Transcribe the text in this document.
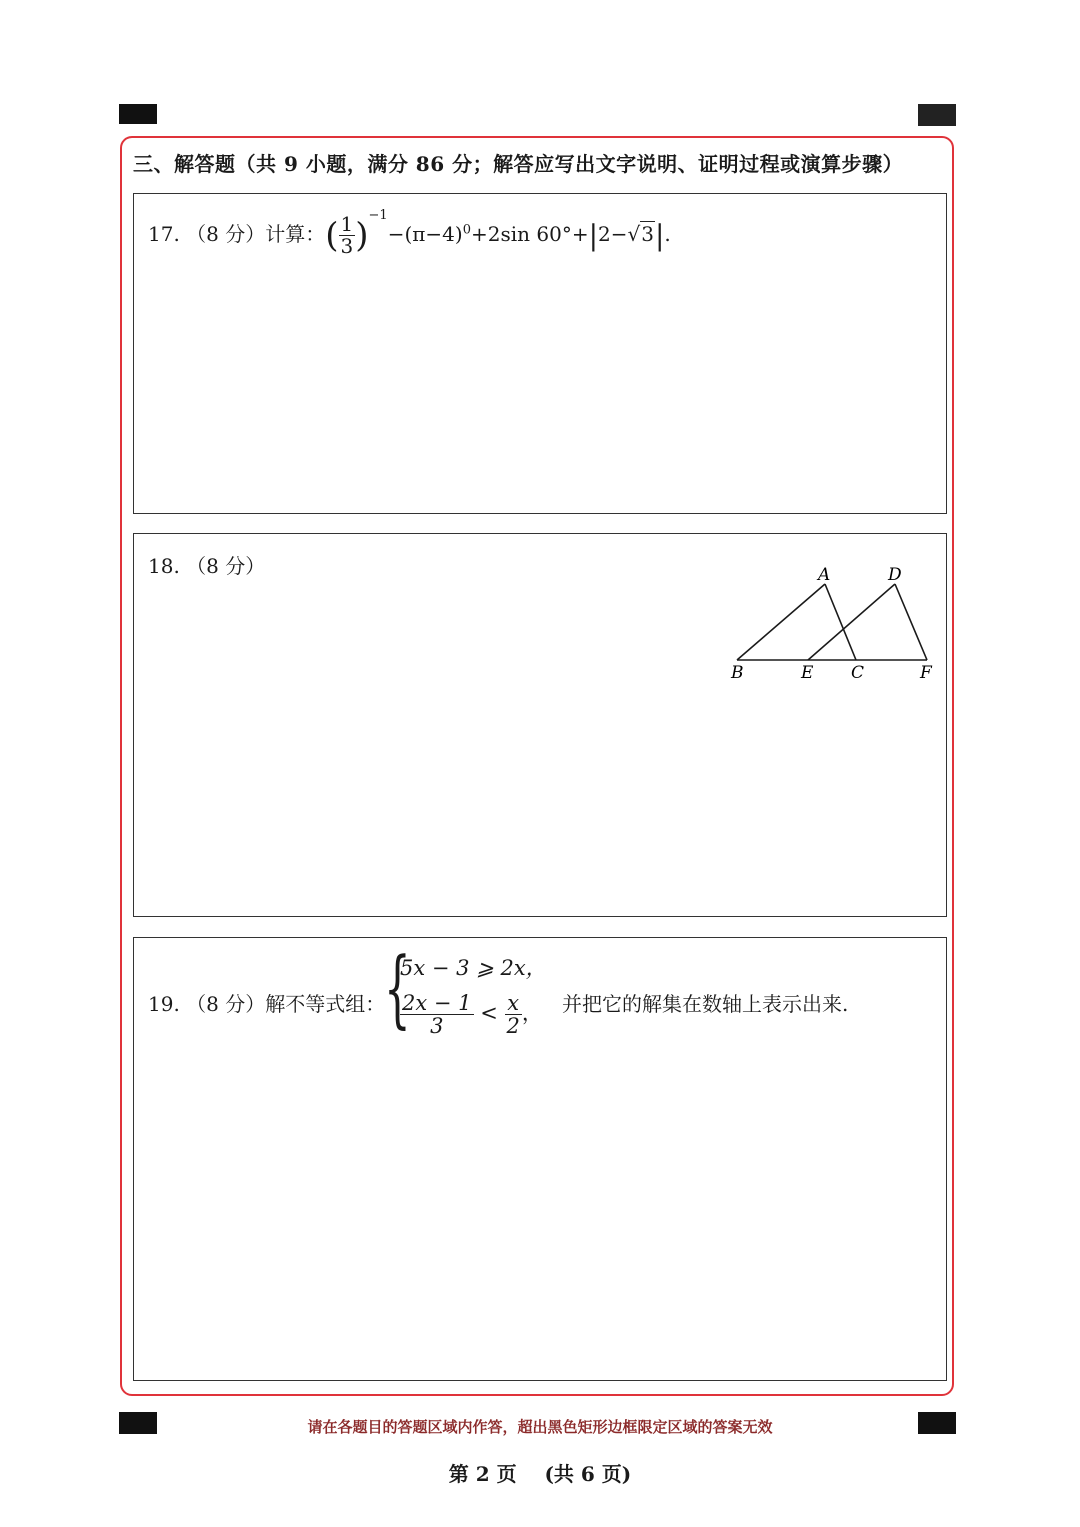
三、解答题（共 9 小题，满分 86 分；解答应写出文字说明、证明过程或演算步骤）
17. （8 分）计算：( $\frac{1}{3} )^{-1}-(\pi-4)^0+2\sin$ 60°+|2−√3|.
18. （8 分）	A	D
B	E C	F
19. （8 分）解不等式组：
{
5x − 3 ⩾ 2x，
$\frac{2x - 1}{3} < \frac{x}{2}$ ， 并把它的解集在数轴上表示出来.
请在各题目的答题区域内作答，超出黑色矩形边框限定区域的答案无效
第 2 页    (共 6 页)
